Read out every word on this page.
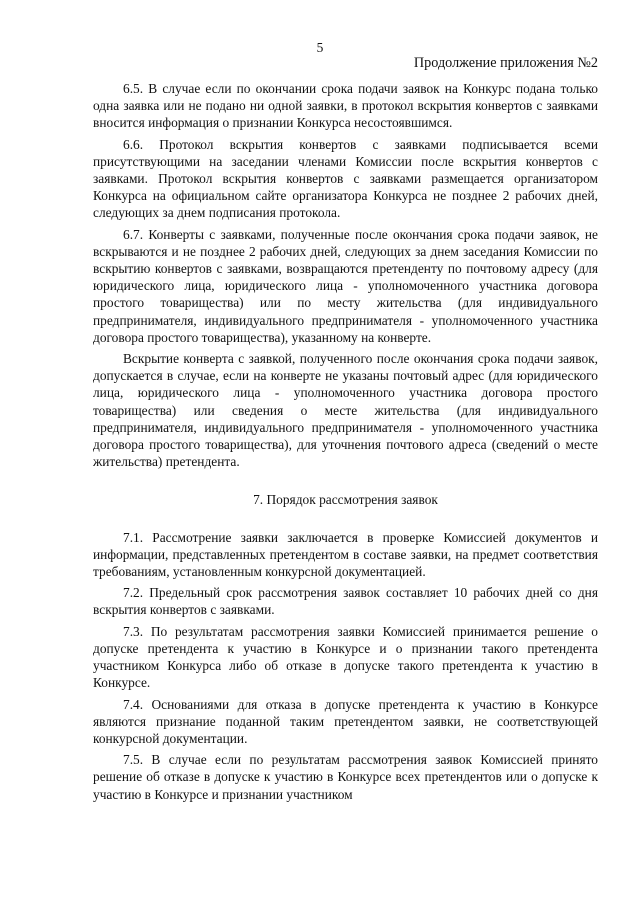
5
Продолжение приложения №2

6.5. В случае если по окончании срока подачи заявок на Конкурс подана только одна заявка или не подано ни одной заявки, в протокол вскрытия конвертов с заявками вносится информация о признании Конкурса несостоявшимся.

6.6. Протокол вскрытия конвертов с заявками подписывается всеми присутствующими на заседании членами Комиссии после вскрытия конвертов с заявками. Протокол вскрытия конвертов с заявками размещается организатором Конкурса на официальном сайте организатора Конкурса не позднее 2 рабочих дней, следующих за днем подписания протокола.

6.7. Конверты с заявками, полученные после окончания срока подачи заявок, не вскрываются и не позднее 2 рабочих дней, следующих за днем заседания Комиссии по вскрытию конвертов с заявками, возвращаются претенденту по почтовому адресу (для юридического лица, юридического лица - уполномоченного участника договора простого товарищества) или по месту жительства (для индивидуального предпринимателя, индивидуального предпринимателя - уполномоченного участника договора простого товарищества), указанному на конверте.

Вскрытие конверта с заявкой, полученного после окончания срока подачи заявок, допускается в случае, если на конверте не указаны почтовый адрес (для юридического лица, юридического лица - уполномоченного участника договора простого товарищества) или сведения о месте жительства (для индивидуального предпринимателя, индивидуального предпринимателя - уполномоченного участника договора простого товарищества), для уточнения почтового адреса (сведений о месте жительства) претендента.

7. Порядок рассмотрения заявок

7.1. Рассмотрение заявки заключается в проверке Комиссией документов и информации, представленных претендентом в составе заявки, на предмет соответствия требованиям, установленным конкурсной документацией.

7.2. Предельный срок рассмотрения заявок составляет 10 рабочих дней со дня вскрытия конвертов с заявками.

7.3. По результатам рассмотрения заявки Комиссией принимается решение о допуске претендента к участию в Конкурсе и о признании такого претендента участником Конкурса либо об отказе в допуске такого претендента к участию в Конкурсе.

7.4. Основаниями для отказа в допуске претендента к участию в Конкурсе являются признание поданной таким претендентом заявки, не соответствующей конкурсной документации.

7.5. В случае если по результатам рассмотрения заявок Комиссией принято решение об отказе в допуске к участию в Конкурсе всех претендентов или о допуске к участию в Конкурсе и признании участником
